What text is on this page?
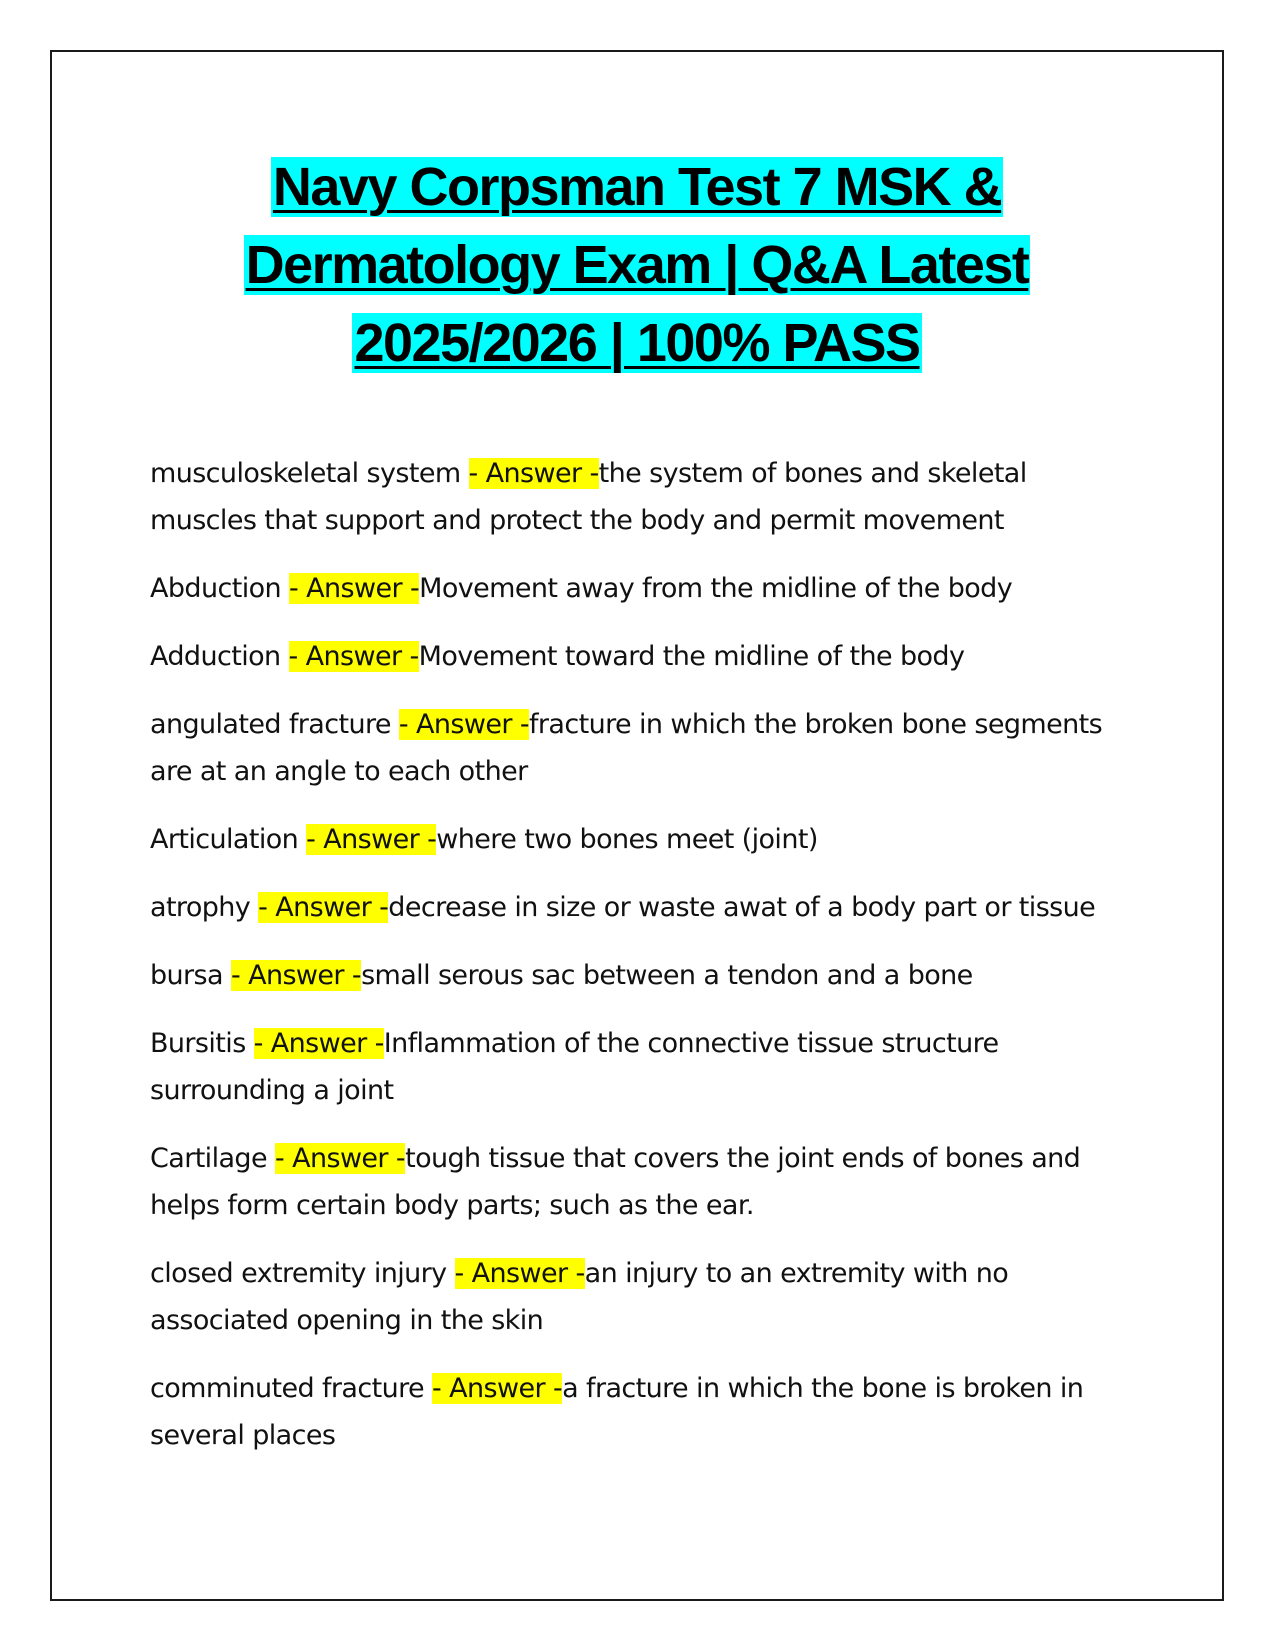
Navy Corpsman Test 7 MSK &
Dermatology Exam | Q&A Latest
2025/2026 | 100% PASS
musculoskeletal system - Answer -the system of bones and skeletal muscles that support and protect the body and permit movement
Abduction - Answer -Movement away from the midline of the body
Adduction - Answer -Movement toward the midline of the body
angulated fracture - Answer -fracture in which the broken bone segments are at an angle to each other
Articulation - Answer -where two bones meet (joint)
atrophy - Answer -decrease in size or waste awat of a body part or tissue
bursa - Answer -small serous sac between a tendon and a bone
Bursitis - Answer -Inflammation of the connective tissue structure surrounding a joint
Cartilage - Answer -tough tissue that covers the joint ends of bones and helps form certain body parts; such as the ear.
closed extremity injury - Answer -an injury to an extremity with no associated opening in the skin
comminuted fracture - Answer -a fracture in which the bone is broken in several places
